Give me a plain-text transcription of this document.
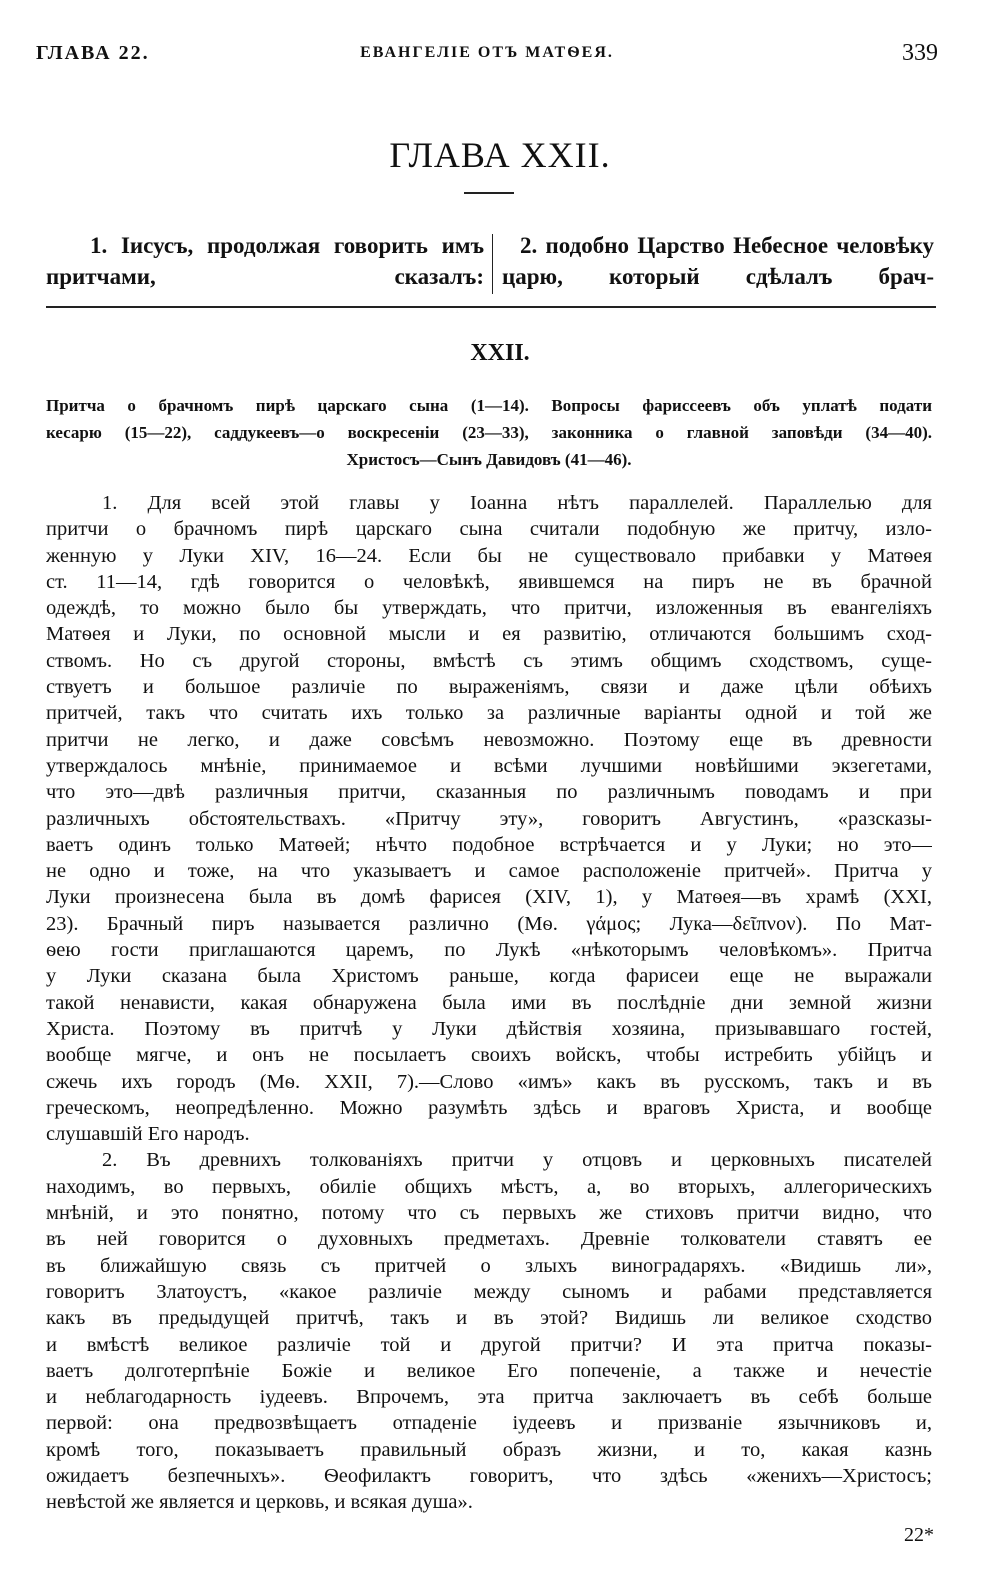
ГЛАВА 22.	ЕВАНГЕЛІЕ ОТЪ МАТѲЕЯ.	339
ГЛАВА XXII.
1. Іисусъ, продолжая говорить имъ притчами, сказалъ:
2. подобно Царство Небесное человѣку царю, который сдѣлалъ брач-
XXII.
Притча о брачномъ пирѣ царскаго сына (1—14). Вопросы фариссеевъ объ уплатѣ подати
кесарю (15—22), саддукеевъ—о воскресеніи (23—33), законника о главной заповѣди (34—40).
Христосъ—Сынъ Давидовъ (41—46).
1. Для всей этой главы у Іоанна нѣтъ параллелей. Параллелью для
притчи о брачномъ пирѣ царскаго сына считали подобную же притчу, изло-
женную у Луки XIV, 16—24. Если бы не существовало прибавки у Матѳея
ст. 11—14, гдѣ говорится о человѣкѣ, явившемся на пиръ не въ брачной
одеждѣ, то можно было бы утверждать, что притчи, изложенныя въ евангеліяхъ
Матѳея и Луки, по основной мысли и ея развитію, отличаются большимъ сход-
ствомъ. Но съ другой стороны, вмѣстѣ съ этимъ общимъ сходствомъ, суще-
ствуетъ и большое различіе по выраженіямъ, связи и даже цѣли обѣихъ
притчей, такъ что считать ихъ только за различные варіанты одной и той же
притчи не легко, и даже совсѣмъ невозможно. Поэтому еще въ древности
утверждалось мнѣніе, принимаемое и всѣми лучшими новѣйшими экзегетами,
что это—двѣ различныя притчи, сказанныя по различнымъ поводамъ и при
различныхъ обстоятельствахъ. «Притчу эту», говоритъ Августинъ, «разсказы-
ваетъ одинъ только Матѳей; нѣчто подобное встрѣчается и у Луки; но это—
не одно и тоже, на что указываетъ и самое расположеніе притчей». Притча у
Луки произнесена была въ домѣ фарисея (XIV, 1), у Матѳея—въ храмѣ (XXI,
23). Брачный пиръ называется различно (Мѳ. γάμος; Лука—δεῖπνον). По Мат-
ѳею гости приглашаются царемъ, по Лукѣ «нѣкоторымъ человѣкомъ». Притча
у Луки сказана была Христомъ раньше, когда фарисеи еще не выражали
такой ненависти, какая обнаружена была ими въ послѣдніе дни земной жизни
Христа. Поэтому въ притчѣ у Луки дѣйствія хозяина, призывавшаго гостей,
вообще мягче, и онъ не посылаетъ своихъ войскъ, чтобы истребить убійцъ и
сжечь ихъ городъ (Мѳ. XXII, 7).—Слово «имъ» какъ въ русскомъ, такъ и въ
греческомъ, неопредѣленно. Можно разумѣть здѣсь и враговъ Христа, и вообще
слушавшій Его народъ.
2. Въ древнихъ толкованіяхъ притчи у отцовъ и церковныхъ писателей
находимъ, во первыхъ, обиліе общихъ мѣстъ, а, во вторыхъ, аллегорическихъ
мнѣній, и это понятно, потому что съ первыхъ же стиховъ притчи видно, что
въ ней говорится о духовныхъ предметахъ. Древніе толкователи ставятъ ее
въ ближайшую связь съ притчей о злыхъ виноградаряхъ. «Видишь ли»,
говоритъ Златоустъ, «какое различіе между сыномъ и рабами представляется
какъ въ предыдущей притчѣ, такъ и въ этой? Видишь ли великое сходство
и вмѣстѣ великое различіе той и другой притчи? И эта притча показы-
ваетъ долготерпѣніе Божіе и великое Его попеченіе, а также и нечестіе
и неблагодарность іудеевъ. Впрочемъ, эта притча заключаетъ въ себѣ больше
первой: она предвозвѣщаетъ отпаденіе іудеевъ и призваніе язычниковъ и,
кромѣ того, показываетъ правильный образъ жизни, и то, какая казнь
ожидаетъ безпечныхъ». Ѳеофилактъ говоритъ, что здѣсь «женихъ—Христосъ;
невѣстой же является и церковь, и всякая душа».
22*
